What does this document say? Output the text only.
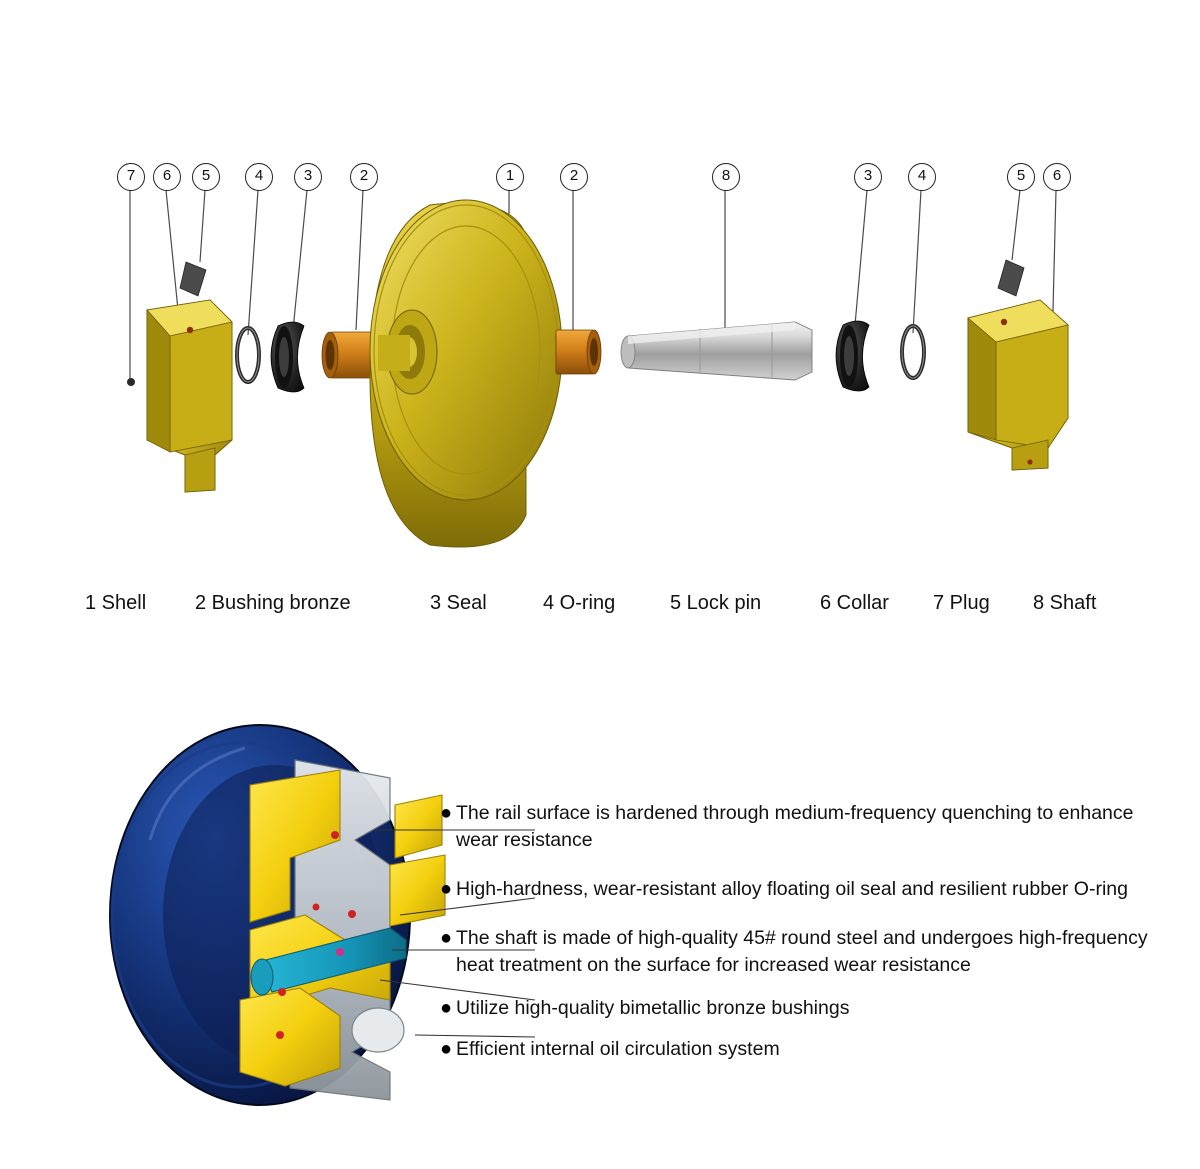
7	6	5	4	3	2	1	2	8	3	4	5	6
1 Shell 2 Bushing bronze	3 Seal	4 O-ring	5 Lock pin	6 Collar 7 Plug 8 Shaft
● The rail surface is hardened through medium-frequency quenching to enhance wear resistance
● High-hardness, wear-resistant alloy floating oil seal and resilient rubber O-ring
● The shaft is made of high-quality 45# round steel and undergoes high-frequency heat treatment on the surface for increased wear resistance
● Utilize high-quality bimetallic bronze bushings
● Efficient internal oil circulation system
